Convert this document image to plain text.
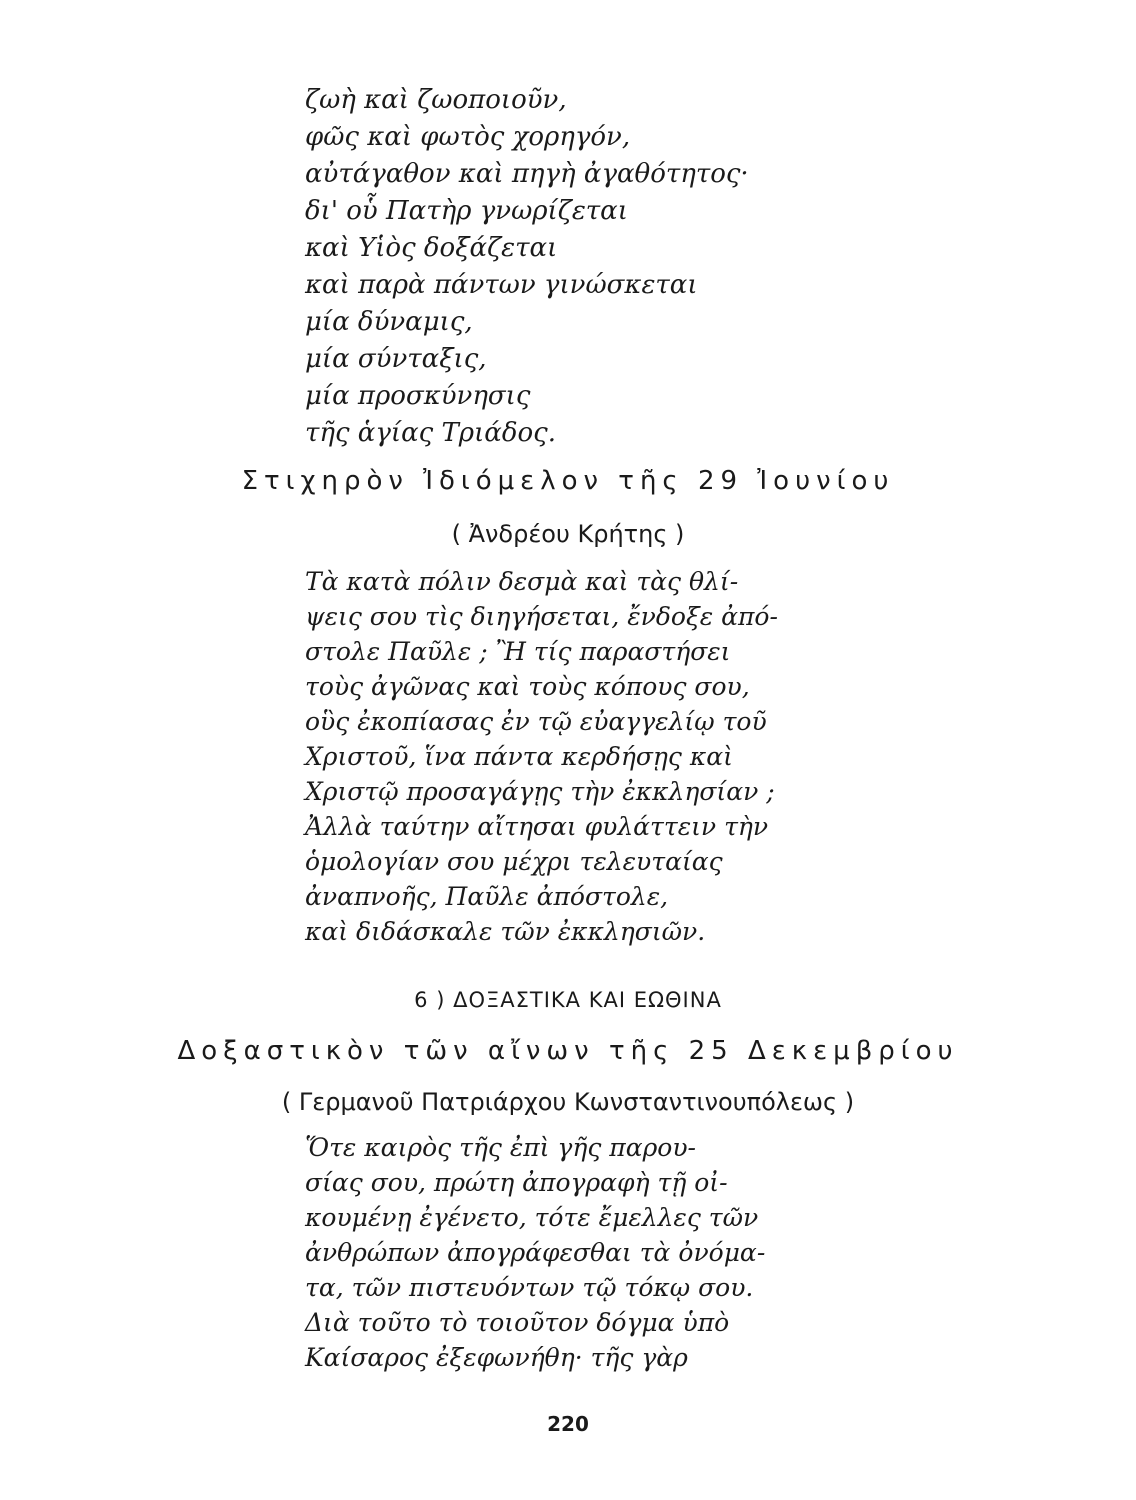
ζωὴ καὶ ζωοποιοῦν,
φῶς καὶ φωτὸς χορηγόν,
αὐτάγαθον καὶ πηγὴ ἀγαθότητος·
δι' οὗ Πατὴρ γνωρίζεται
καὶ Υἱὸς δοξάζεται
καὶ παρὰ πάντων γινώσκεται
μία δύναμις,
μία σύνταξις,
μία προσκύνησις
τῆς ἁγίας Τριάδος.
Στιχηρὸν Ἰδιόμελον τῆς 29 Ἰουνίου
( Ἀνδρέου Κρήτης )
Τὰ κατὰ πόλιν δεσμὰ καὶ τὰς θλί-
ψεις σου τὶς διηγήσεται, ἔνδοξε ἀπό-
στολε Παῦλε ; Ἢ τίς παραστήσει
τοὺς ἀγῶνας καὶ τοὺς κόπους σου,
οὓς ἐκοπίασας ἐν τῷ εὐαγγελίῳ τοῦ
Χριστοῦ, ἵνα πάντα κερδήσῃς καὶ
Χριστῷ προσαγάγῃς τὴν ἐκκλησίαν ;
Ἀλλὰ ταύτην αἴτησαι φυλάττειν τὴν
ὁμολογίαν σου μέχρι τελευταίας
ἀναπνοῆς, Παῦλε ἀπόστολε,
καὶ διδάσκαλε τῶν ἐκκλησιῶν.
6 ) ΔΟΞΑΣΤΙΚΑ ΚΑΙ ΕΩΘΙΝΑ
Δοξαστικὸν τῶν αἴνων τῆς 25 Δεκεμβρίου
( Γερμανοῦ Πατριάρχου Κωνσταντινουπόλεως )
Ὅτε καιρὸς τῆς ἐπὶ γῆς παρου-
σίας σου, πρώτη ἀπογραφὴ τῇ οἰ-
κουμένῃ ἐγένετο, τότε ἔμελλες τῶν
ἀνθρώπων ἀπογράφεσθαι τὰ ὀνόμα-
τα, τῶν πιστευόντων τῷ τόκῳ σου.
Διὰ τοῦτο τὸ τοιοῦτον δόγμα ὑπὸ
Καίσαρος ἐξεφωνήθη· τῆς γὰρ
220
